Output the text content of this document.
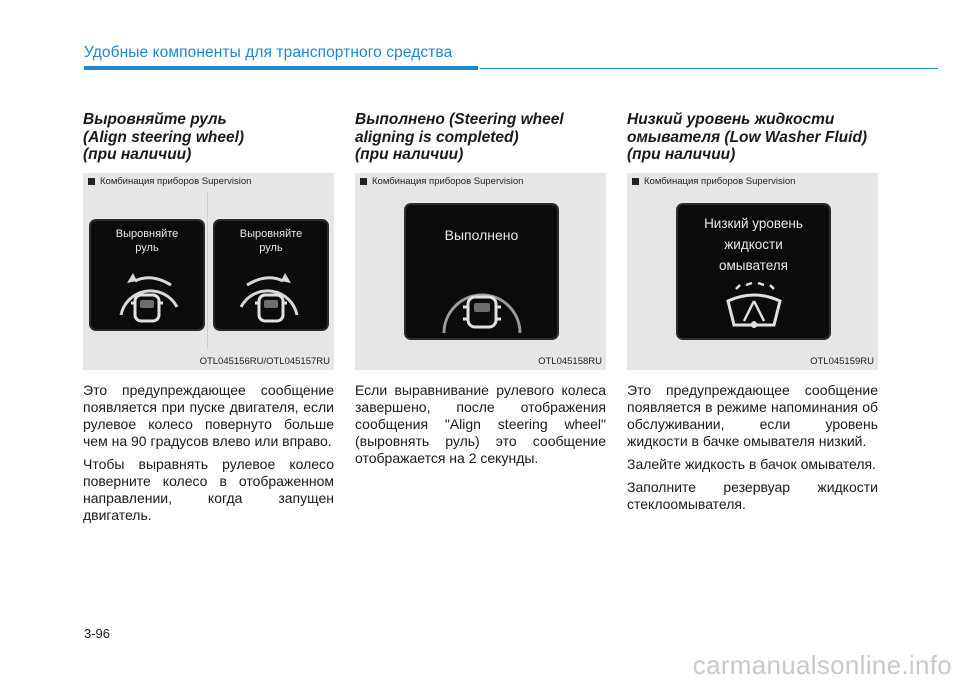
Удобные компоненты для транспортного средства
Выровняйте руль
(Align steering wheel)
(при наличии)
Комбинация приборов Supervision
Выровняйте
руль
Выровняйте
руль
OTL045156RU/OTL045157RU

Это предупреждающее сообщение появляется при пуске двигателя, если рулевое колесо повернуто больше чем на 90 градусов влево или вправо.

Чтобы выравнять рулевое колесо поверните колесо в отображенном направлении, когда запущен двигатель.

Выполнено (Steering wheel
aligning is completed)
(при наличии)
Комбинация приборов Supervision
Выполнено
OTL045158RU

Если выравнивание рулевого колеса завершено, после отображения сообщения "Align steering wheel" (выровнять руль) это сообщение отображается на 2 секунды.

Низкий уровень жидкости
омывателя (Low Washer Fluid)
(при наличии)
Комбинация приборов Supervision
Низкий уровень
жидкости
омывателя
OTL045159RU

Это предупреждающее сообщение появляется в режиме напоминания об обслуживании, если уровень жидкости в бачке омывателя низкий.

Залейте жидкость в бачок омывателя.

Заполните резервуар жидкости стеклоомывателя.

3-96
carmanualsonline.info
